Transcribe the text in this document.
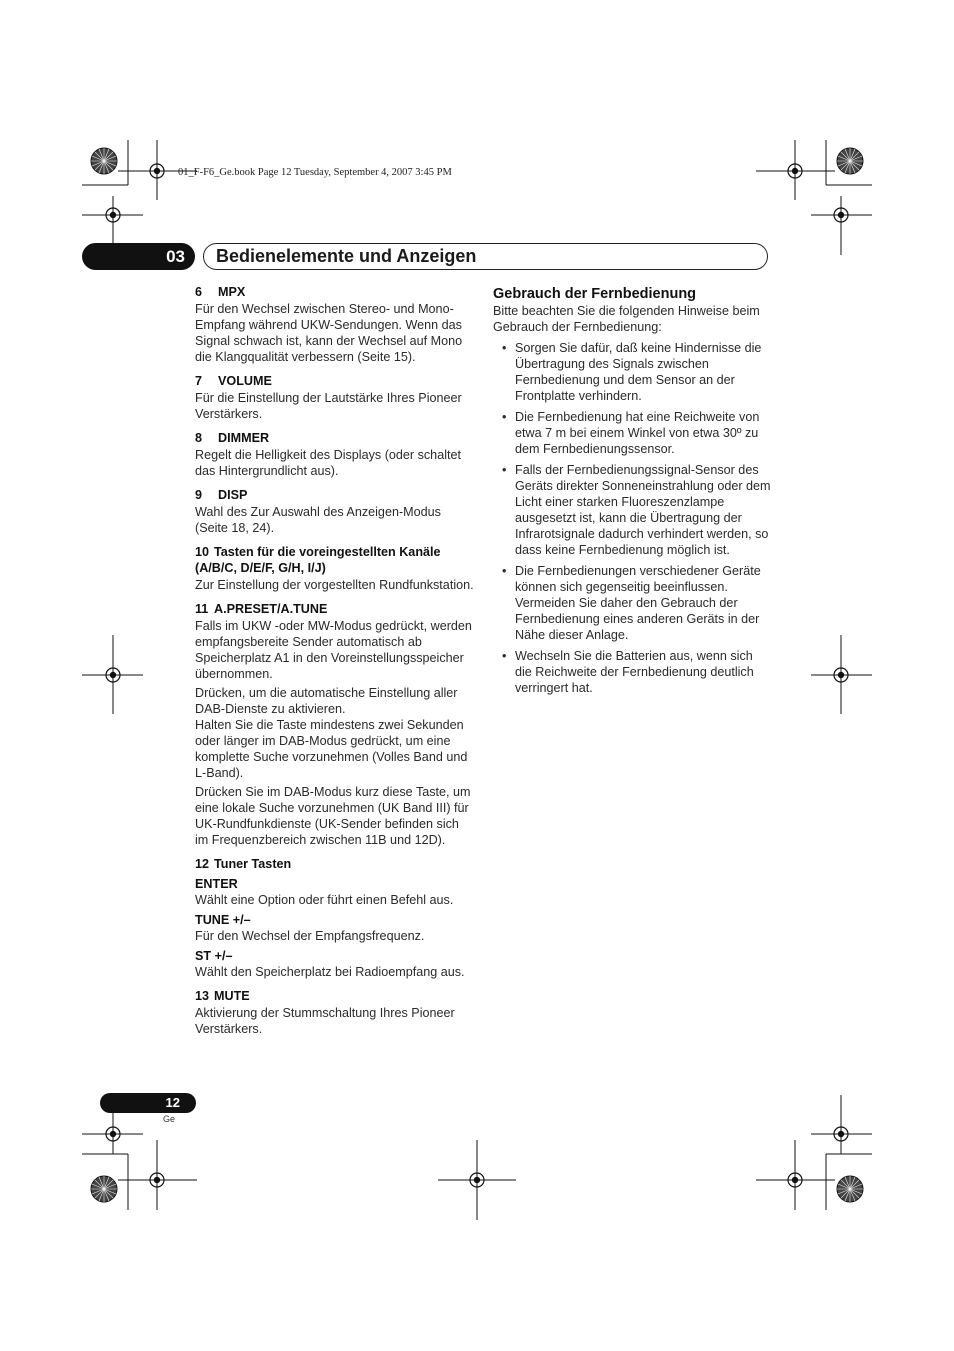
01_F-F6_Ge.book Page 12 Tuesday, September 4, 2007 3:45 PM
03	Bedienelemente und Anzeigen
6 MPX

Für den Wechsel zwischen Stereo- und Mono-Empfang während UKW-Sendungen. Wenn das Signal schwach ist, kann der Wechsel auf Mono die Klangqualität verbessern (Seite 15).

7 VOLUME

Für die Einstellung der Lautstärke Ihres Pioneer Verstärkers.

8 DIMMER

Regelt die Helligkeit des Displays (oder schaltet das Hintergrundlicht aus).

9 DISP

Wahl des Zur Auswahl des Anzeigen-Modus (Seite 18, 24).

10 Tasten für die voreingestellten Kanäle (A/B/C, D/E/F, G/H, I/J)

Zur Einstellung der vorgestellten Rundfunkstation.

11 A.PRESET/A.TUNE

Falls im UKW -oder MW-Modus gedrückt, werden empfangsbereite Sender automatisch ab Speicherplatz A1 in den Voreinstellungsspeicher übernommen.

Drücken, um die automatische Einstellung aller DAB-Dienste zu aktivieren.

Halten Sie die Taste mindestens zwei Sekunden oder länger im DAB-Modus gedrückt, um eine komplette Suche vorzunehmen (Volles Band und L-Band).

Drücken Sie im DAB-Modus kurz diese Taste, um eine lokale Suche vorzunehmen (UK Band III) für UK-Rundfunkdienste (UK-Sender befinden sich im Frequenzbereich zwischen 11B und 12D).

12 Tuner Tasten
ENTER

Wählt eine Option oder führt einen Befehl aus.

TUNE +/–

Für den Wechsel der Empfangsfrequenz.

ST +/–

Wählt den Speicherplatz bei Radioempfang aus.

13 MUTE

Aktivierung der Stummschaltung Ihres Pioneer Verstärkers.

Gebrauch der Fernbedienung

Bitte beachten Sie die folgenden Hinweise beim Gebrauch der Fernbedienung:

• Sorgen Sie dafür, daß keine Hindernisse die Übertragung des Signals zwischen Fernbedienung und dem Sensor an der Frontplatte verhindern.
• Die Fernbedienung hat eine Reichweite von etwa 7 m bei einem Winkel von etwa 30º zu dem Fernbedienungssensor.
• Falls der Fernbedienungssignal-Sensor des Geräts direkter Sonneneinstrahlung oder dem Licht einer starken Fluoreszenzlampe ausgesetzt ist, kann die Übertragung der Infrarotsignale dadurch verhindert werden, so dass keine Fernbedienung möglich ist.
• Die Fernbedienungen verschiedener Geräte können sich gegenseitig beeinflussen. Vermeiden Sie daher den Gebrauch der Fernbedienung eines anderen Geräts in der Nähe dieser Anlage.
• Wechseln Sie die Batterien aus, wenn sich die Reichweite der Fernbedienung deutlich verringert hat.
12
Ge
